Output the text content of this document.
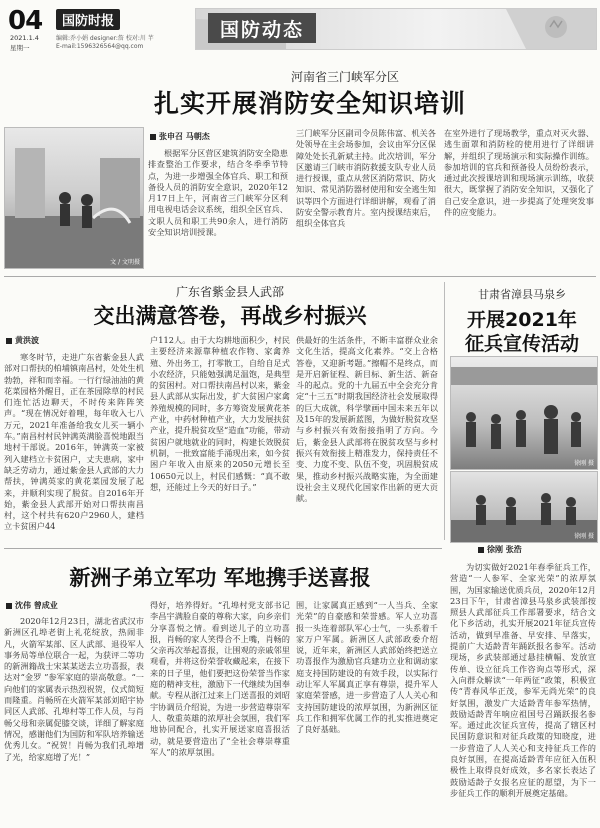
04	国防时报
2021.1.4
星期一
编辑:乔小娟 designer:詹 校对:川 芊
E-mail:1596326564@qq.com
国防动态
河南省三门峡军分区
扎实开展消防安全知识培训
文 / 文明摄
张申召 马朝杰
根据军分区营区建筑消防安全隐患排查整治工作要求，结合冬季季节特点，为进一步增强全体官兵、职工和预备役人员的消防安全意识，2020年12月17日上午，河南省三门峡军分区利用电视电话会议系统，组织全区官兵、文职人员和职工共90余人，进行消防安全知识培训授课。
三门峡军分区副司令员陈伟富、机关各处领导在主会场参加，会议由军分区保障处处长孔新斌主持。此次培训，军分区邀请三门峡市消防救援支队专业人员进行授课，重点从营区消防常识、防火知识、常见消防器材使用和安全逃生知识等四个方面进行详细讲解，观看了消防安全警示教育片。室内授课结束后，组织全体官兵
在室外进行了现场教学，重点对灭火器、逃生面罩和消防栓的使用进行了详细讲解，并组织了现场演示和实际操作训练。参加培训的官兵和预备役人员纷纷表示，通过此次授课培训和现场演示训练，收获很大，既掌握了消防安全知识，又强化了自己安全意识，进一步提高了处理突发事件的应变能力。
广东省紫金县人武部
交出满意答卷，再战乡村振兴
黄洪波
寒冬时节，走进广东省紫金县人武部对口帮扶的柏埔镇南昌村，处处生机勃勃，祥和而幸福。一行行绿油油的黄花菜园格外醒目，正在茶园除草的村民们连忙活边聊天，不时传来阵阵笑声。“现在情况好着哩，每年收入七八万元，2021年准备给我女儿买一辆小车。”南昌村村民钟满英满脸喜悦地跟当地村干部说。2016年，钟满英一家被列入建档立卡贫困户，丈夫患病，家中缺乏劳动力，通过紫金县人武部的大力帮扶，钟满英家的黄花菜园发展了起来，并顺利实现了脱贫。自2016年开始，紫金县人武部开始对口帮扶南昌村，这个村共有620户2960人，建档立卡贫困户44
户112人。由于大均耕地面积少，村民主要经济来源靠种植农作物、家禽养殖、外出务工，打零散工，自给自足式小农经济，只能勉强满足温饱，是典型的贫困村。对口帮扶南昌村以来，紫金县人武部从实际出发，扩大贫困户家禽养殖规模的同时，多方筹资发展黄花茶产业，中药材种植产业，大力发展扶贫产业，提升脱贫攻坚“造血”功能，带动贫困户就地就业的同时，构建长效脱贫机制，一批致富能手涌现出来，如今贫困户年收入由原来的2050元增长至10650元以上，村民们感慨：“真不敢想，还能过上今天的好日子。”
供最好的生活条件，不断丰富群众业余文化生活，提高文化素养。“交上合格答卷，又迎新考题。”擦帽不是终点，而是开启新征程、新目标、新生活、新奋斗的起点。党的十九届五中全会充分肯定“十三五”时期我国经济社会发展取得的巨大成就，科学擘画中国未来五年以及15年的发展新蓝图，为做好脱贫攻坚与乡村振兴有效衔接指明了方向。今后，紫金县人武部将在脱贫攻坚与乡村振兴有效衔接上精准发力，保持责任不变、力度不变、队伍不变，巩固脱贫成果，推动乡村振兴战略实施，为全面建设社会主义现代化国家作出新的更大贡献。
甘肃省漳县马泉乡
开展2021年
征兵宣传活动
徐刚 摄
徐刚 摄
徐刚 张浩
为切实做好2021年春季征兵工作，营造“一人参军、全家光荣”的浓厚氛围，为国家输送优质兵员，2020年12月23日下午，甘肃省漳县马泉乡武装部按照县人武部征兵工作部署要求，结合文化下乡活动，扎实开展2021年征兵宣传活动，做到早准备、早安排、早落实，提前广大适龄青年踊跃报名参军。活动现场，乡武装部通过悬挂横幅、发放宣传单、设立征兵工作咨询点等形式，深入向群众解读“一年两征”政策，积极宣传“青春风华正茂，参军无尚光荣”的良好氛围，激发广大适龄青年参军热情，鼓励适龄青年响应祖国号召踊跃报名参军。通过此次征兵宣传，提高了辖区村民国防意识和对征兵政策的知晓度，进一步营造了人人关心和支持征兵工作的良好氛围，在提高适龄青年应征入伍积极性上取得良好成效，多名家长表达了鼓励适龄子女报名应征的愿望，为下一步征兵工作的顺利开展奠定基础。
新洲子弟立军功 军地携手送喜报
沈伟 曾成业
2020年12月23日，湖北省武汉市新洲区孔埠老街上礼花绽放，热闹非凡，火箭军某部、区人武部、退役军人事务局等单位联合一起，为获评二等功的新洲籍战士宋某某送去立功喜报，表达对“金罗 ”参军家庭的崇高敬意。“一向他们的家属表示热烈祝贺，仪式简短而隆重。肖畅所在火箭军某部刘昭宇协同区人武部、孔埠村等工作人员，与肖畅父母和亲属促膝交谈，详细了解家庭情况，感谢他们为国防和军队培养输送优秀儿女。“祝贺！肖畅为我们孔埠增了光，给家庭增了光！”
得好，培养得好。“孔埠村党支部书记李昌宇满脸自豪的尊称大家，向乡亲们分享喜悦之情。看到送儿子的立功喜报，肖畅的家人笑得合不上嘴，肖畅的父亲再次举起喜报，让围观的亲戚邻里观看，并将这份荣誉收藏起来，在接下来的日子里，他们要把这份荣誉当作家庭的精神支柱，激励下一代继续为国奉献。专程从浙江过来上门送喜报的刘昭宇协调员介绍说，为进一步营造尊崇军人、敬重英雄的浓厚社会氛围，我们军地协同配合，扎实开展送家庭喜报活动，就是要营造出了“全社会尊崇尊重军人”的浓厚氛围。
围，让家属真正感到“一人当兵、全家光荣”的自豪感和荣誉感。军人立功喜报一头连着部队军心士气，一头系着千家万户军属。新洲区人武部政委介绍说，近年来，新洲区人武部始终把送立功喜报作为激励官兵建功立业和调动家庭支持国防建设的有效手段，以实际行动让军人军属真正享有尊崇，提升军人家庭荣誉感，进一步营造了人人关心和支持国防建设的浓厚氛围，为新洲区征兵工作和拥军优属工作的扎实推进奠定了良好基础。
